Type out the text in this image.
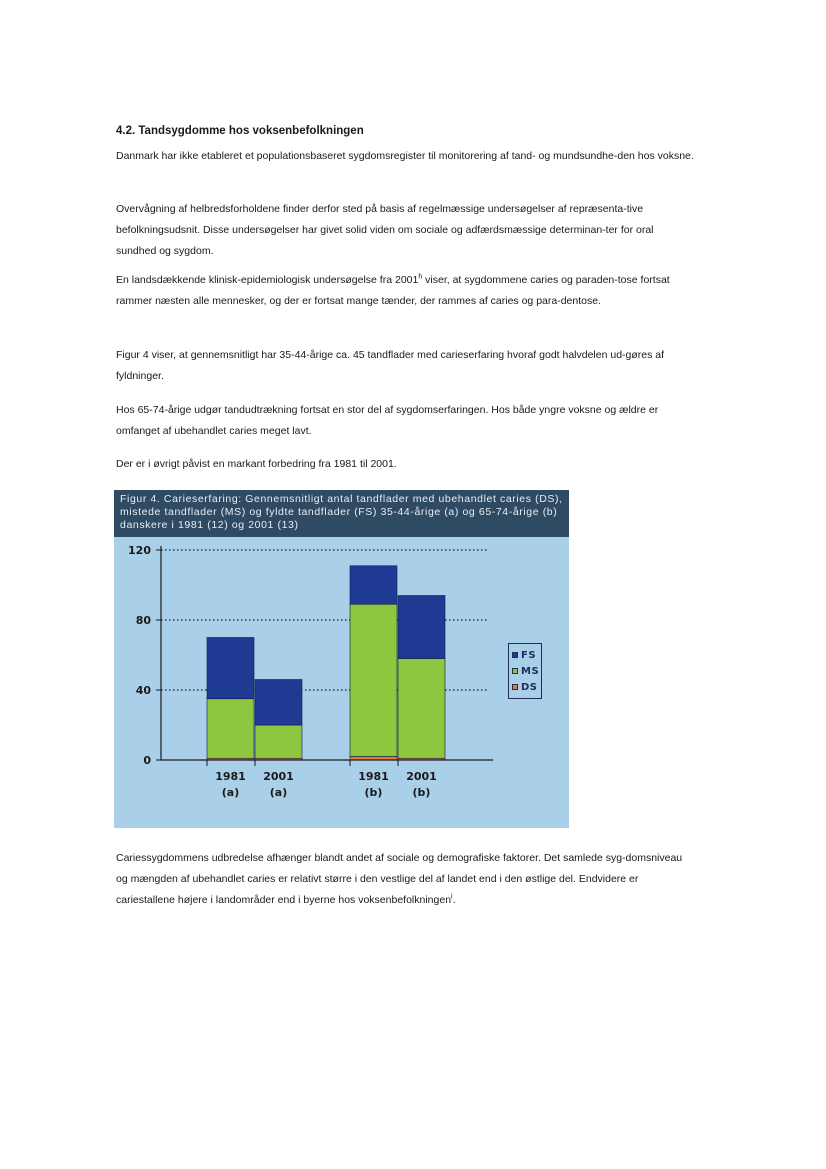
4.2. Tandsygdomme hos voksenbefolkningen
Danmark har ikke etableret et populationsbaseret sygdomsregister til monitorering af tand- og mundsundhe-den hos voksne.
Overvågning af helbredsforholdene finder derfor sted på basis af regelmæssige undersøgelser af repræsenta-tive befolkningsudsnit. Disse undersøgelser har givet solid viden om sociale og adfærdsmæssige determinan-ter for oral sundhed og sygdom.
En landsdækkende klinisk-epidemiologisk undersøgelse fra 2001$^h$ viser, at sygdommene caries og paraden-tose fortsat rammer næsten alle mennesker, og der er fortsat mange tænder, der rammes af caries og para-dentose.
Figur 4 viser, at gennemsnitligt har 35-44-årige ca. 45 tandflader med carieserfaring hvoraf godt halvdelen ud-gøres af fyldninger.
Hos 65-74-årige udgør tandudtrækning fortsat en stor del af sygdomserfaringen. Hos både yngre voksne og ældre er omfanget af ubehandlet caries meget lavt.
Der er i øvrigt påvist en markant forbedring fra 1981 til 2001.
Figur 4. Carieserfaring: Gennemsnitligt antal tandflader med ubehandlet caries (DS), mistede tandflader (MS) og fyldte tandflader (FS) 35-44-årige (a) og 65-74-årige (b) danskere i 1981 (12) og 2001 (13)
0
40
80
120
1981
(a)
2001
(a)
1981
(b)
2001
(b)
FS
MS
DS
Cariessygdommens udbredelse afhænger blandt andet af sociale og demografiske faktorer. Det samlede syg-domsniveau og mængden af ubehandlet caries er relativt større i den vestlige del af landet end i den østlige del. Endvidere er cariestallene højere i landområder end i byerne hos voksenbefolkningen$^i$.
